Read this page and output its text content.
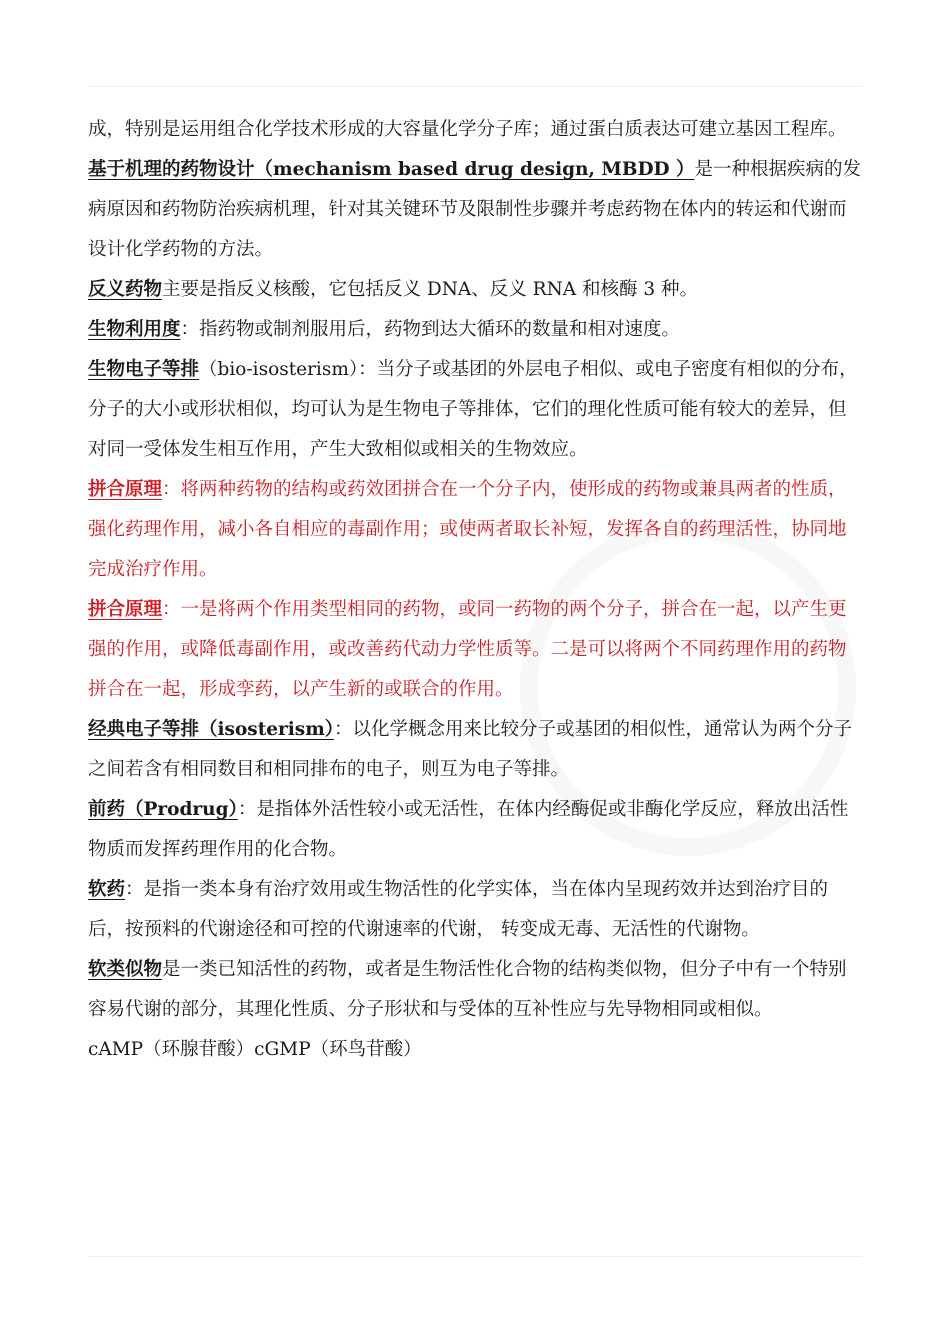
成，特别是运用组合化学技术形成的大容量化学分子库；通过蛋白质表达可建立基因工程库。

基于机理的药物设计（mechanism based drug design, MBDD ）是一种根据疾病的发病原因和药物防治疾病机理，针对其关键环节及限制性步骤并考虑药物在体内的转运和代谢而设计化学药物的方法。

反义药物主要是指反义核酸，它包括反义 DNA、反义 RNA 和核酶 3 种。

生物利用度：指药物或制剂服用后，药物到达大循环的数量和相对速度。

生物电子等排（bio-isosterism）：当分子或基团的外层电子相似、或电子密度有相似的分布，分子的大小或形状相似，均可认为是生物电子等排体，它们的理化性质可能有较大的差异，但对同一受体发生相互作用，产生大致相似或相关的生物效应。

拼合原理：将两种药物的结构或药效团拼合在一个分子内，使形成的药物或兼具两者的性质，强化药理作用，减小各自相应的毒副作用；或使两者取长补短，发挥各自的药理活性，协同地完成治疗作用。

拼合原理：一是将两个作用类型相同的药物，或同一药物的两个分子，拼合在一起，以产生更强的作用，或降低毒副作用，或改善药代动力学性质等。二是可以将两个不同药理作用的药物拼合在一起，形成孪药，以产生新的或联合的作用。

经典电子等排（isosterism）：以化学概念用来比较分子或基团的相似性，通常认为两个分子之间若含有相同数目和相同排布的电子，则互为电子等排。

前药（Prodrug）：是指体外活性较小或无活性，在体内经酶促或非酶化学反应，释放出活性物质而发挥药理作用的化合物。

软药：是指一类本身有治疗效用或生物活性的化学实体，当在体内呈现药效并达到治疗目的后，按预料的代谢途径和可控的代谢速率的代谢， 转变成无毒、无活性的代谢物。

软类似物是一类已知活性的药物，或者是生物活性化合物的结构类似物，但分子中有一个特别容易代谢的部分，其理化性质、分子形状和与受体的互补性应与先导物相同或相似。

cAMP（环腺苷酸）cGMP（环鸟苷酸）
